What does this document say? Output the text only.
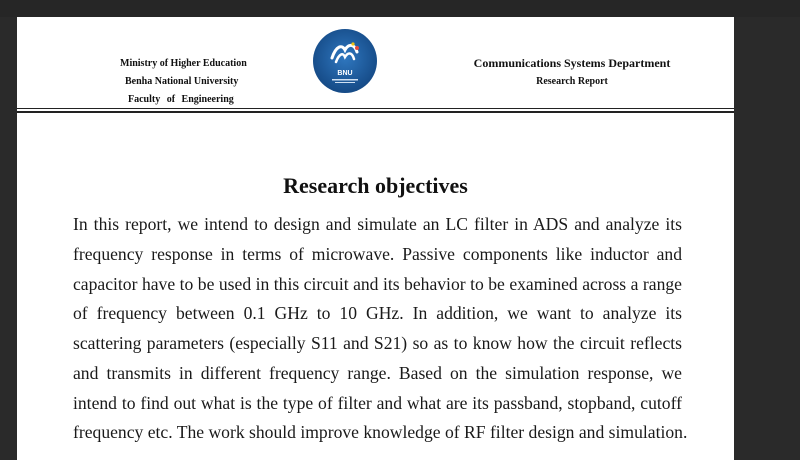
Ministry of Higher Education
Benha National University
Faculty of Engineering
BNU
Communications Systems Department
Research Report
Research objectives
In this report, we intend to design and simulate an LC filter in ADS and analyze its
frequency response in terms of microwave. Passive components like inductor and
capacitor have to be used in this circuit and its behavior to be examined across a range
of frequency between 0.1 GHz to 10 GHz. In addition, we want to analyze its
scattering parameters (especially S11 and S21) so as to know how the circuit reflects
and transmits in different frequency range. Based on the simulation response, we
intend to find out what is the type of filter and what are its passband, stopband, cutoff
frequency etc. The work should improve knowledge of RF filter design and simulation.
